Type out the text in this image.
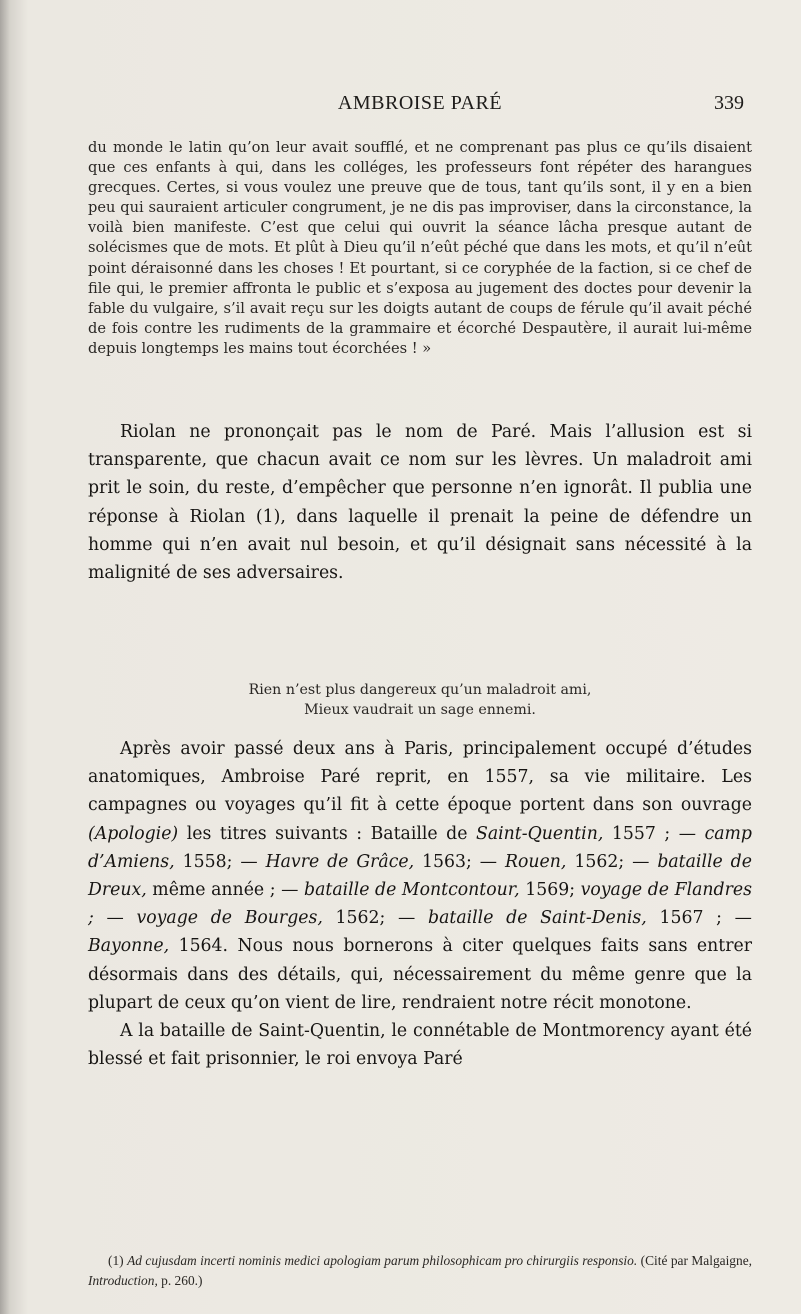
AMBROISE PARÉ	339

du monde le latin qu’on leur avait soufflé, et ne comprenant pas plus ce qu’ils disaient que ces enfants à qui, dans les colléges, les professeurs font répéter des harangues grecques. Certes, si vous voulez une preuve que de tous, tant qu’ils sont, il y en a bien peu qui sauraient articuler congrument, je ne dis pas improviser, dans la circonstance, la voilà bien manifeste. C’est que celui qui ouvrit la séance lâcha presque autant de solécismes que de mots. Et plût à Dieu qu’il n’eût péché que dans les mots, et qu’il n’eût point déraisonné dans les choses ! Et pourtant, si ce coryphée de la faction, si ce chef de file qui, le premier affronta le public et s’exposa au jugement des doctes pour devenir la fable du vulgaire, s’il avait reçu sur les doigts autant de coups de férule qu’il avait péché de fois contre les rudiments de la grammaire et écorché Despautère, il aurait lui-même depuis longtemps les mains tout écorchées ! »

Riolan ne prononçait pas le nom de Paré. Mais l’allusion est si transparente, que chacun avait ce nom sur les lèvres. Un maladroit ami prit le soin, du reste, d’empêcher que personne n’en ignorât. Il publia une réponse à Riolan (1), dans laquelle il prenait la peine de défendre un homme qui n’en avait nul besoin, et qu’il désignait sans nécessité à la malignité de ses adversaires.

Rien n’est plus dangereux qu’un maladroit ami,
Mieux vaudrait un sage ennemi.

Après avoir passé deux ans à Paris, principalement occupé d’études anatomiques, Ambroise Paré reprit, en 1557, sa vie militaire. Les campagnes ou voyages qu’il fit à cette époque portent dans son ouvrage (Apologie) les titres suivants : Bataille de Saint-Quentin, 1557 ; — camp d’Amiens, 1558; — Havre de Grâce, 1563; — Rouen, 1562; — bataille de Dreux, même année ; — bataille de Montcontour, 1569; voyage de Flandres ; — voyage de Bourges, 1562; — bataille de Saint-Denis, 1567 ; — Bayonne, 1564. Nous nous bornerons à citer quelques faits sans entrer désormais dans des détails, qui, nécessairement du même genre que la plupart de ceux qu’on vient de lire, rendraient notre récit monotone.
A la bataille de Saint-Quentin, le connétable de Montmorency ayant été blessé et fait prisonnier, le roi envoya Paré

(1) Ad cujusdam incerti nominis medici apologiam parum philosophicam pro chirurgiis responsio. (Cité par Malgaigne, Introduction, p. 260.)
